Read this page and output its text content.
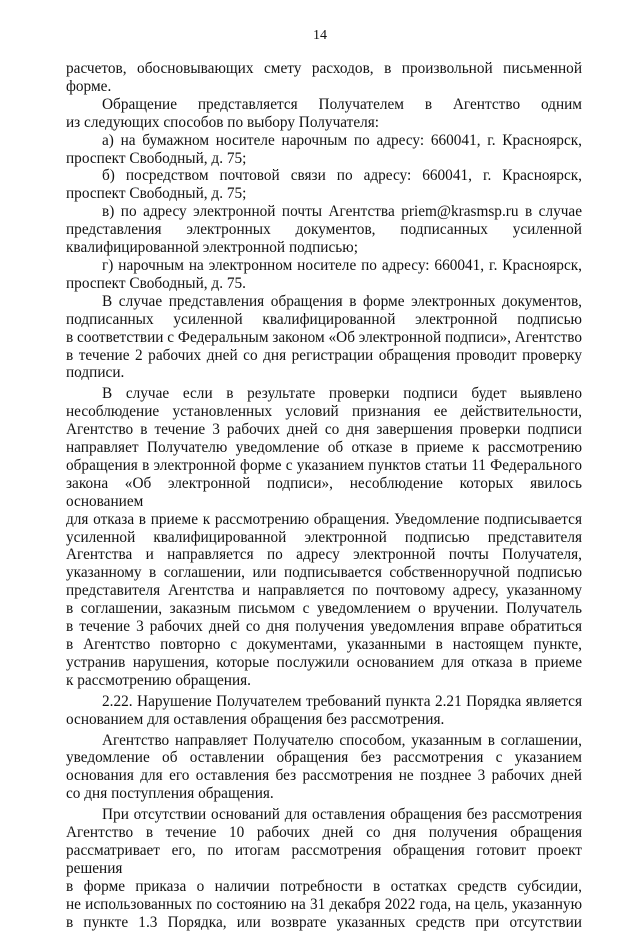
14

расчетов, обосновывающих смету расходов, в произвольной письменной форме.

Обращение представляется Получателем в Агентство одним

из следующих способов по выбору Получателя:

а) на бумажном носителе нарочным по адресу: 660041, г. Красноярск,

проспект Свободный, д. 75;

б) посредством почтовой связи по адресу: 660041, г. Красноярск,

проспект Свободный, д. 75;

в) по адресу электронной почты Агентства priem@krasmsp.ru в случае

представления электронных документов, подписанных усиленной

квалифицированной электронной подписью;

г) нарочным на электронном носителе по адресу: 660041, г. Красноярск,

проспект Свободный, д. 75.

В случае представления обращения в форме электронных документов,

подписанных усиленной квалифицированной электронной подписью

в соответствии с Федеральным законом «Об электронной подписи», Агентство

в течение 2 рабочих дней со дня регистрации обращения проводит проверку

подписи.

В случае если в результате проверки подписи будет выявлено

несоблюдение установленных условий признания ее действительности,

Агентство в течение 3 рабочих дней со дня завершения проверки подписи

направляет Получателю уведомление об отказе в приеме к рассмотрению

обращения в электронной форме с указанием пунктов статьи 11 Федерального

закона «Об электронной подписи», несоблюдение которых явилось основанием

для отказа в приеме к рассмотрению обращения. Уведомление подписывается

усиленной квалифицированной электронной подписью представителя

Агентства и направляется по адресу электронной почты Получателя,

указанному в соглашении, или подписывается собственноручной подписью

представителя Агентства и направляется по почтовому адресу, указанному

в соглашении, заказным письмом с уведомлением о вручении. Получатель

в течение 3 рабочих дней со дня получения уведомления вправе обратиться

в Агентство повторно с документами, указанными в настоящем пункте,

устранив нарушения, которые послужили основанием для отказа в приеме

к рассмотрению обращения.

2.22. Нарушение Получателем требований пункта 2.21 Порядка является

основанием для оставления обращения без рассмотрения.

Агентство направляет Получателю способом, указанным в соглашении,

уведомление об оставлении обращения без рассмотрения с указанием

основания для его оставления без рассмотрения не позднее 3 рабочих дней

со дня поступления обращения.

При отсутствии оснований для оставления обращения без рассмотрения

Агентство в течение 10 рабочих дней со дня получения обращения

рассматривает его, по итогам рассмотрения обращения готовит проект решения

в форме приказа о наличии потребности в остатках средств субсидии,

не использованных по состоянию на 31 декабря 2022 года, на цель, указанную

в пункте 1.3 Порядка, или возврате указанных средств при отсутствии
